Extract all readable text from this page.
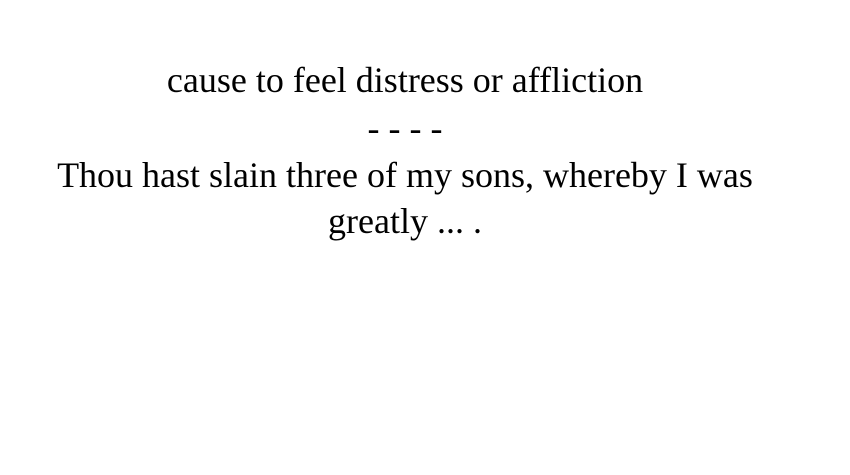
cause to feel distress or affliction
- - - -
Thou hast slain three of my sons, whereby I was greatly ... .
